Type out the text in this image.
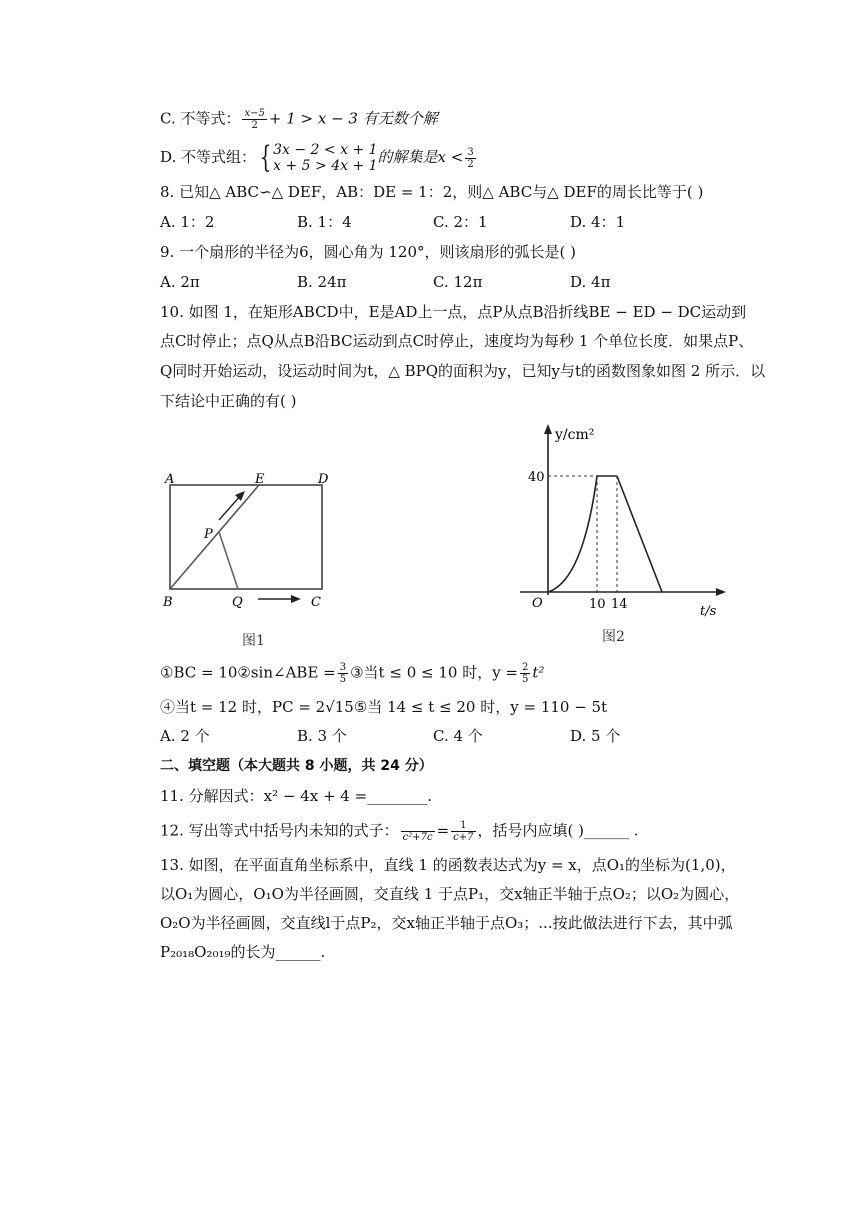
C. 不等式： $\frac{x-5}{2} + 1 > x - 3$ 有无数个解
D. 不等式组： { 3x − 2 < x + 1
x + 5 > 4x + 1 的解集是$x < \frac{3}{2}$
8. 已知△ ABC∽△ DEF，AB：DE = 1：2，则△ ABC与△ DEF的周长比等于( )
A. 1：2	B. 1：4	C. 2：1	D. 4：1
9. 一个扇形的半径为6，圆心角为 120°，则该扇形的弧长是( )
A. 2π	B. 24π	C. 12π	D. 4π
10. 如图 1，在矩形ABCD中，E是AD上一点，点P从点B沿折线BE − ED − DC运动到
点C时停止；点Q从点B沿BC运动到点C时停止，速度均为每秒 1 个单位长度．如果点P、
Q同时开始运动，设运动时间为t，△ BPQ的面积为y，已知y与t的函数图象如图 2 所示．以
下结论中正确的有( )
A	E	D
P
B	Q	C
图1
y/cm²
40
O	10 14	t/s
图2
①BC = 10②sin∠ABE = $\frac{3}{5}$ ③当t ≤ 0 ≤ 10 时，$y = \frac{2}{5} t^2$
④当t = 12 时，PC = 2√15⑤当 14 ≤ t ≤ 20 时，y = 110 − 5t
A. 2 个	B. 3 个	C. 4 个	D. 5 个
二、填空题（本大题共 8 小题，共 24 分）
11. 分解因式：x² − 4x + 4 =________.
12. 写出等式中括号内未知的式子： $c^2+7c = \frac{1}{c+7}$ ，括号内应填( )______ .
13. 如图，在平面直角坐标系中，直线 1 的函数表达式为y = x，点O₁的坐标为(1,0)，
以O₁为圆心，O₁O为半径画圆，交直线 1 于点P₁，交x轴正半轴于点O₂；以O₂为圆心，
O₂O为半径画圆，交直线l于点P₂，交x轴正半轴于点O₃；...按此做法进行下去，其中弧
P₂₀₁₈O₂₀₁₉的长为______.
